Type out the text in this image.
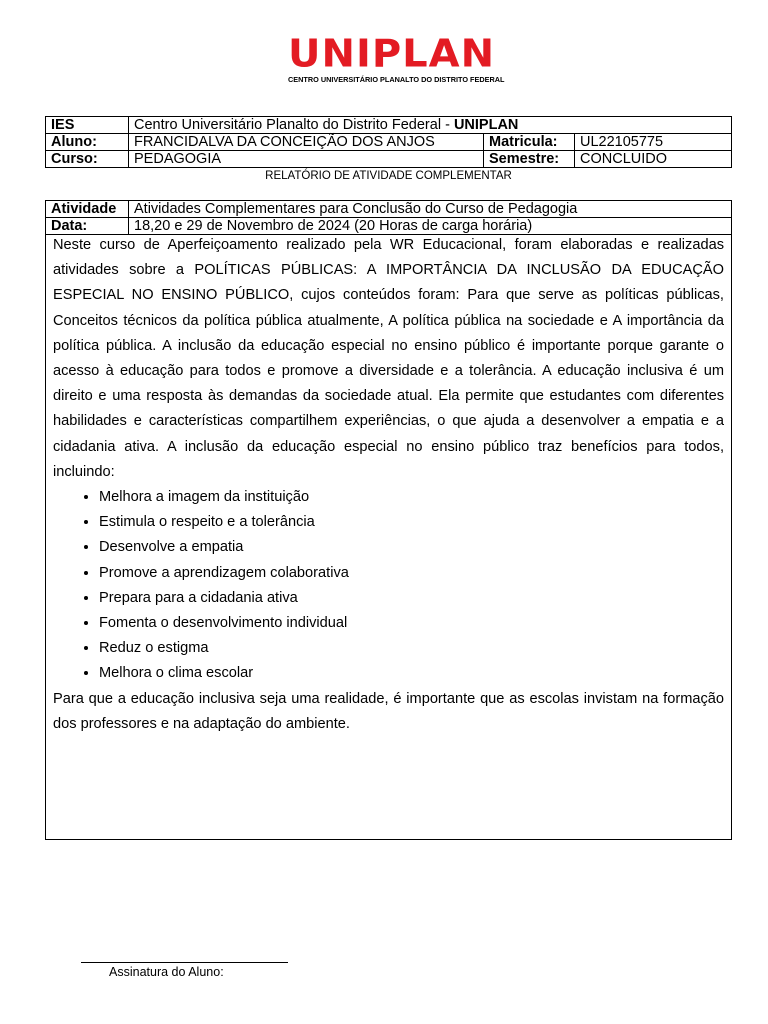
UNIPLAN
CENTRO UNIVERSITÁRIO PLANALTO DO DISTRITO FEDERAL
IES	Centro Universitário Planalto do Distrito Federal - UNIPLAN		
Aluno:	FRANCIDALVA DA CONCEIÇÃO DOS ANJOS	Matricula:	UL22105775
Curso:	PEDAGOGIA	Semestre:	CONCLUIDO
RELATÓRIO DE ATIVIDADE COMPLEMENTAR
Atividade	Atividades Complementares para Conclusão do Curso de Pedagogia
Data:	18,20 e 29 de Novembro de 2024 (20 Horas de carga horária)

Neste curso de Aperfeiçoamento realizado pela WR Educacional, foram elaboradas e realizadas atividades sobre a POLÍTICAS PÚBLICAS: A IMPORTÂNCIA DA INCLUSÃO DA EDUCAÇÃO ESPECIAL NO ENSINO PÚBLICO, cujos conteúdos foram: Para que serve as políticas públicas, Conceitos técnicos da política pública atualmente, A política pública na sociedade e A importância da política pública. A inclusão da educação especial no ensino público é importante porque garante o acesso à educação para todos e promove a diversidade e a tolerância. A educação inclusiva é um direito e uma resposta às demandas da sociedade atual. Ela permite que estudantes com diferentes habilidades e características compartilhem experiências, o que ajuda a desenvolver a empatia e a cidadania ativa. A inclusão da educação especial no ensino público traz benefícios para todos, incluindo:

• Melhora a imagem da instituição
• Estimula o respeito e a tolerância
• Desenvolve a empatia
• Promove a aprendizagem colaborativa
• Prepara para a cidadania ativa
• Fomenta o desenvolvimento individual
• Reduz o estigma
• Melhora o clima escolar

Para que a educação inclusiva seja uma realidade, é importante que as escolas invistam na formação dos professores e na adaptação do ambiente.

Assinatura do Aluno:
